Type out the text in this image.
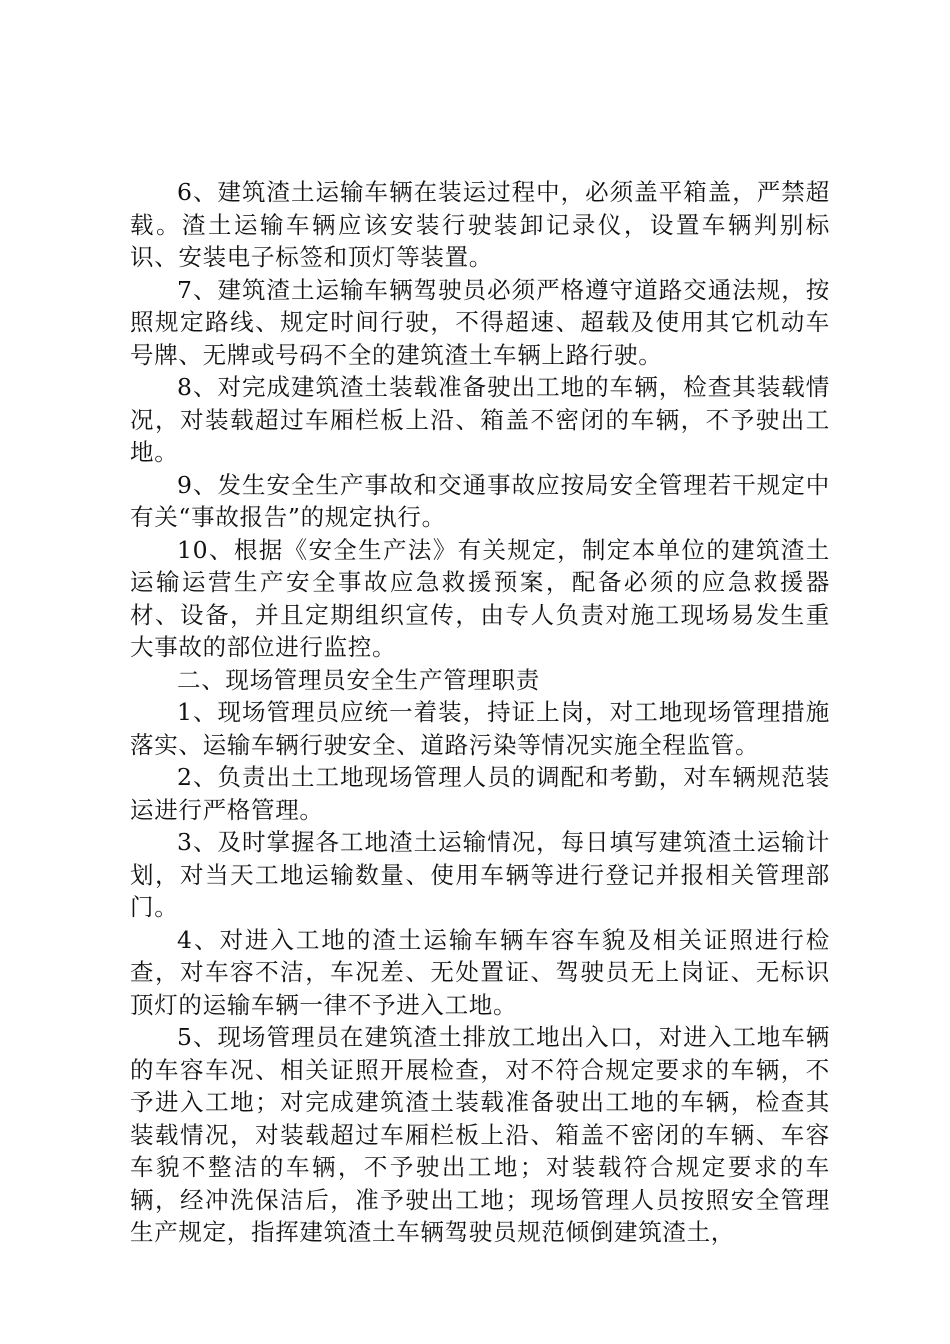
6、建筑渣土运输车辆在装运过程中，必须盖平箱盖，严禁超载。渣土运输车辆应该安装行驶装卸记录仪，设置车辆判别标识、安装电子标签和顶灯等装置。

7、建筑渣土运输车辆驾驶员必须严格遵守道路交通法规，按照规定路线、规定时间行驶，不得超速、超载及使用其它机动车号牌、无牌或号码不全的建筑渣土车辆上路行驶。

8、对完成建筑渣土装载准备驶出工地的车辆，检查其装载情况，对装载超过车厢栏板上沿、箱盖不密闭的车辆，不予驶出工地。

9、发生安全生产事故和交通事故应按局安全管理若干规定中有关“事故报告”的规定执行。

10、根据《安全生产法》有关规定，制定本单位的建筑渣土运输运营生产安全事故应急救援预案，配备必须的应急救援器材、设备，并且定期组织宣传，由专人负责对施工现场易发生重大事故的部位进行监控。

二、现场管理员安全生产管理职责

1、现场管理员应统一着装，持证上岗，对工地现场管理措施落实、运输车辆行驶安全、道路污染等情况实施全程监管。

2、负责出土工地现场管理人员的调配和考勤，对车辆规范装运进行严格管理。

3、及时掌握各工地渣土运输情况，每日填写建筑渣土运输计划，对当天工地运输数量、使用车辆等进行登记并报相关管理部门。

4、对进入工地的渣土运输车辆车容车貌及相关证照进行检查，对车容不洁，车况差、无处置证、驾驶员无上岗证、无标识顶灯的运输车辆一律不予进入工地。

5、现场管理员在建筑渣土排放工地出入口，对进入工地车辆的车容车况、相关证照开展检查，对不符合规定要求的车辆，不予进入工地；对完成建筑渣土装载准备驶出工地的车辆，检查其装载情况，对装载超过车厢栏板上沿、箱盖不密闭的车辆、车容车貌不整洁的车辆，不予驶出工地；对装载符合规定要求的车辆，经冲洗保洁后，准予驶出工地；现场管理人员按照安全管理生产规定，指挥建筑渣土车辆驾驶员规范倾倒建筑渣土，
